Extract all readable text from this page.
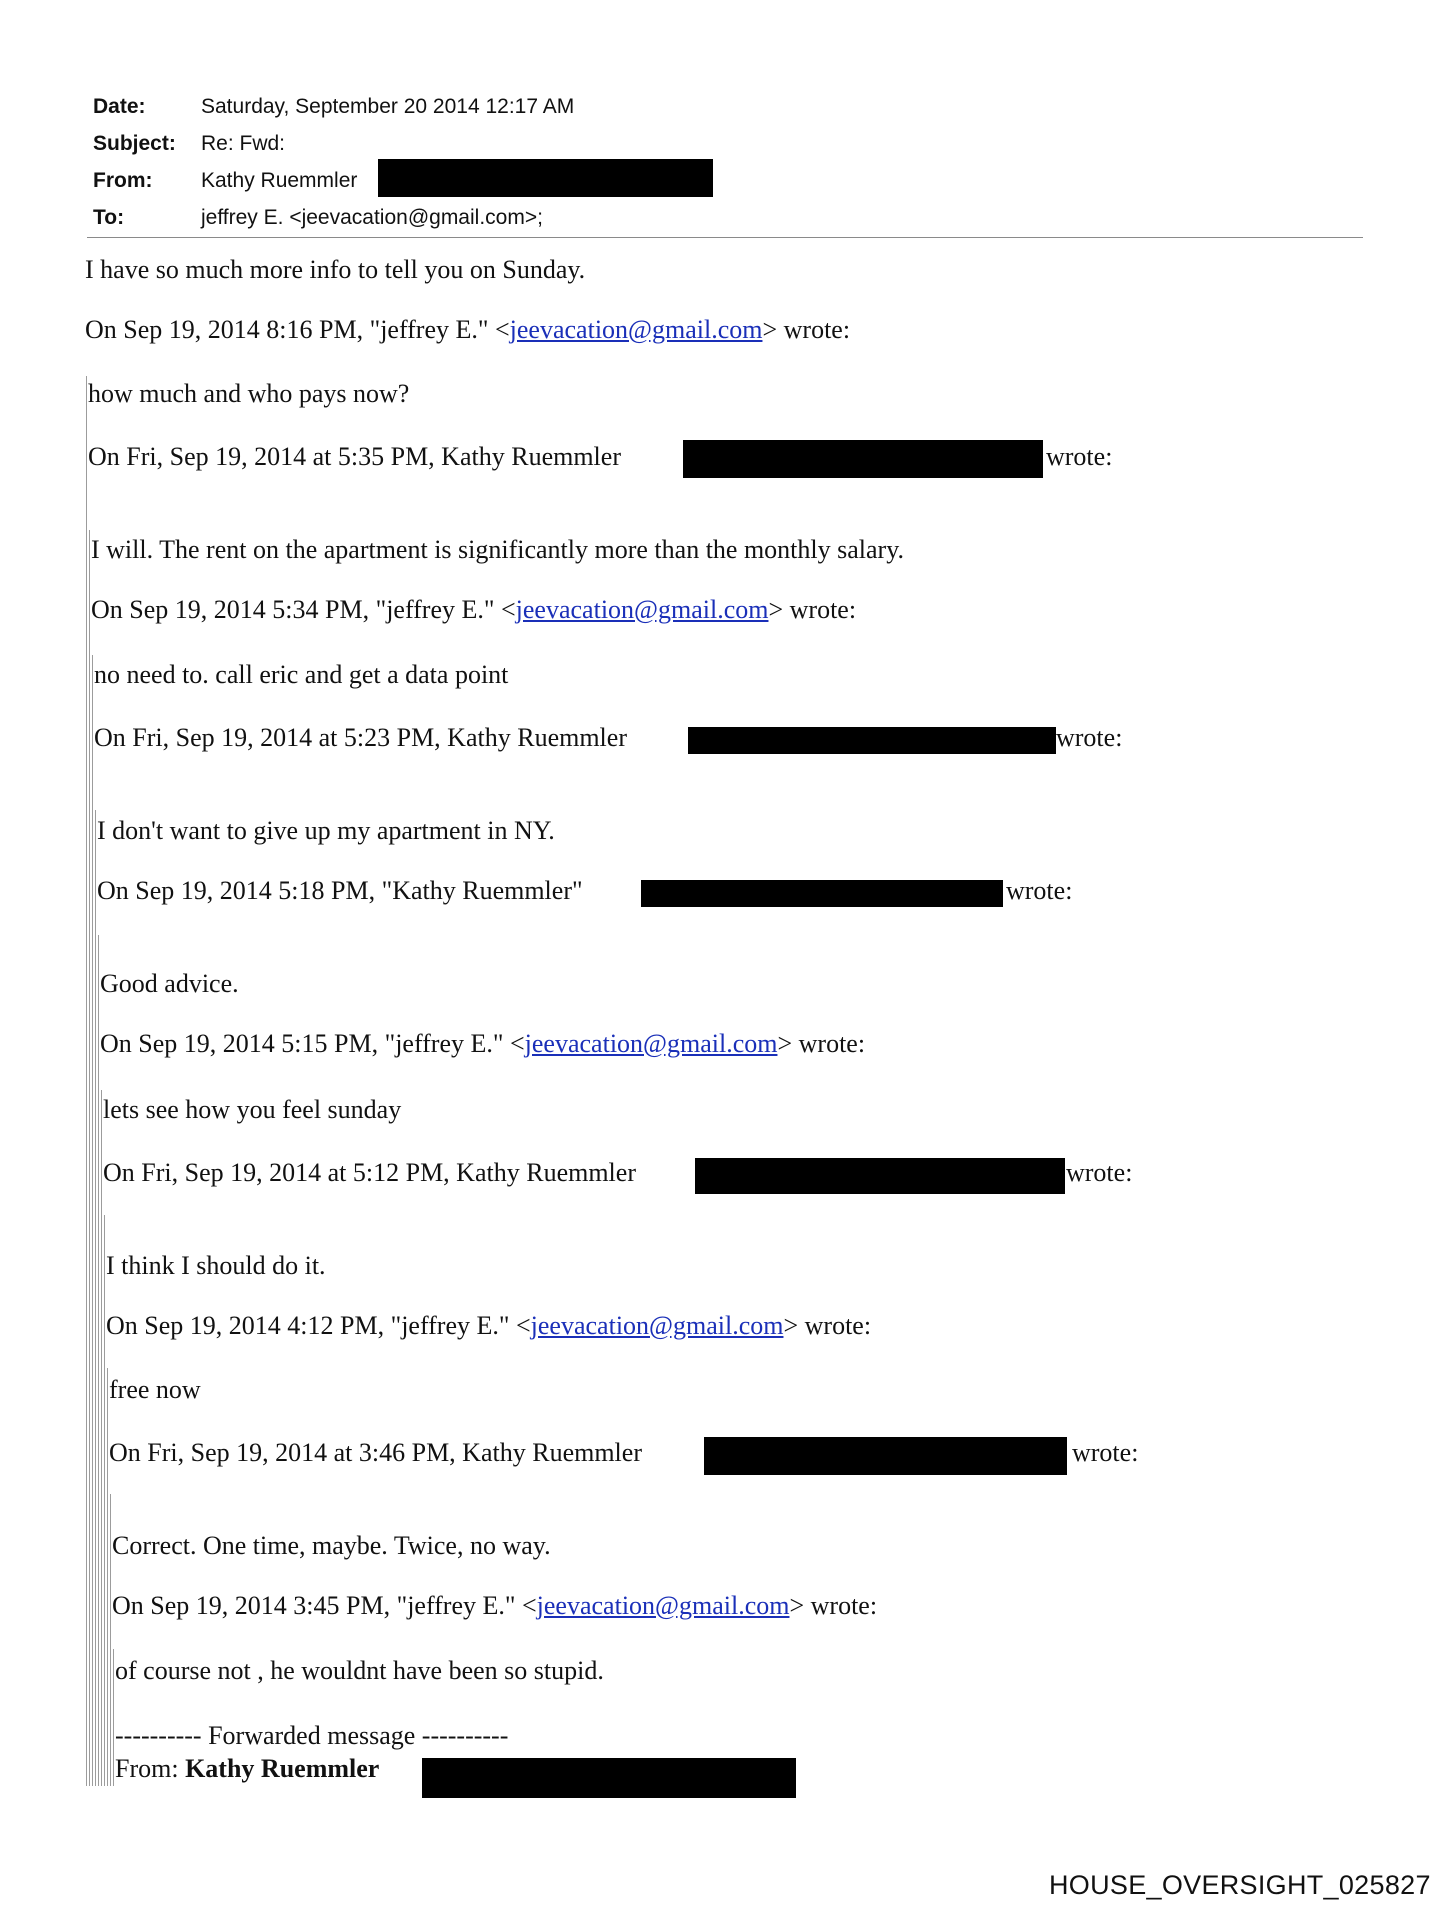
Date:	Saturday, September 20 2014 12:17 AM
Subject:	Re: Fwd:
From:	Kathy Ruemmler
To:	jeffrey E. <jeevacation@gmail.com>;
I have so much more info to tell you on Sunday.
On Sep 19, 2014 8:16 PM, "jeffrey E." <jeevacation@gmail.com> wrote:
how much and who pays now?
On Fri, Sep 19, 2014 at 5:35 PM, Kathy Ruemmler	wrote:
I will. The rent on the apartment is significantly more than the monthly salary.
On Sep 19, 2014 5:34 PM, "jeffrey E." <jeevacation@gmail.com> wrote:
no need to. call eric and get a data point
On Fri, Sep 19, 2014 at 5:23 PM, Kathy Ruemmler	wrote:
I don't want to give up my apartment in NY.
On Sep 19, 2014 5:18 PM, "Kathy Ruemmler"	wrote:
Good advice.
On Sep 19, 2014 5:15 PM, "jeffrey E." <jeevacation@gmail.com> wrote:
lets see how you feel sunday
On Fri, Sep 19, 2014 at 5:12 PM, Kathy Ruemmler	wrote:
I think I should do it.
On Sep 19, 2014 4:12 PM, "jeffrey E." <jeevacation@gmail.com> wrote:
free now
On Fri, Sep 19, 2014 at 3:46 PM, Kathy Ruemmler	wrote:
Correct. One time, maybe. Twice, no way.
On Sep 19, 2014 3:45 PM, "jeffrey E." <jeevacation@gmail.com> wrote:
of course not , he wouldnt have been so stupid.
---------- Forwarded message ----------
From: Kathy Ruemmler
HOUSE_OVERSIGHT_025827
